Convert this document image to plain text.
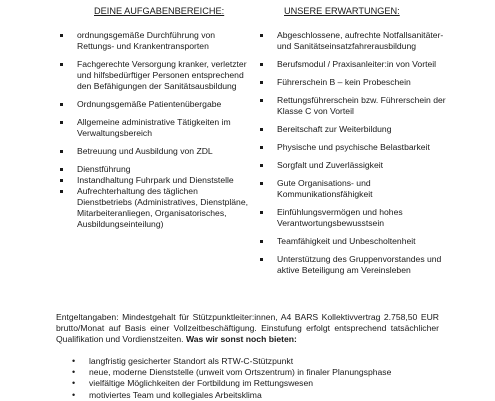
DEINE AUFGABENBEREICHE:
ordnungsgemäße Durchführung von Rettungs- und Krankentransporten
Fachgerechte Versorgung kranker, verletzter und hilfsbedürftiger Personen entsprechend den Befähigungen der Sanitätsausbildung
Ordnungsgemäße Patientenübergabe
Allgemeine administrative Tätigkeiten im Verwaltungsbereich
Betreuung und Ausbildung von ZDL
Dienstführung
Instandhaltung Fuhrpark und Dienststelle
Aufrechterhaltung des täglichen Dienstbetriebs (Administratives, Dienstpläne, Mitarbeiteranliegen, Organisatorisches, Ausbildungseinteilung)
UNSERE ERWARTUNGEN:
Abgeschlossene, aufrechte Notfallsanitäter- und Sanitätseinsatzfahrerausbildung
Berufsmodul / Praxisanleiter:in von Vorteil
Führerschein B – kein Probeschein
Rettungsführerschein bzw. Führerschein der Klasse C von Vorteil
Bereitschaft zur Weiterbildung
Physische und psychische Belastbarkeit
Sorgfalt und Zuverlässigkeit
Gute Organisations- und Kommunikationsfähigkeit
Einfühlungsvermögen und hohes Verantwortungsbewusstsein
Teamfähigkeit und Unbescholtenheit
Unterstützung des Gruppenvorstandes und aktive Beteiligung am Vereinsleben

Entgeltangaben: Mindestgehalt für Stützpunktleiter:innen, A4 BARS Kollektivvertrag 2.758,50 EUR brutto/Monat auf Basis einer Vollzeitbeschäftigung. Einstufung erfolgt entsprechend tatsächlicher Qualifikation und Vordienstzeiten. Was wir sonst noch bieten:

• langfristig gesicherter Standort als RTW-C-Stützpunkt
• neue, moderne Dienststelle (unweit vom Ortszentrum) in finaler Planungsphase
• vielfältige Möglichkeiten der Fortbildung im Rettungswesen
• motiviertes Team und kollegiales Arbeitsklima
